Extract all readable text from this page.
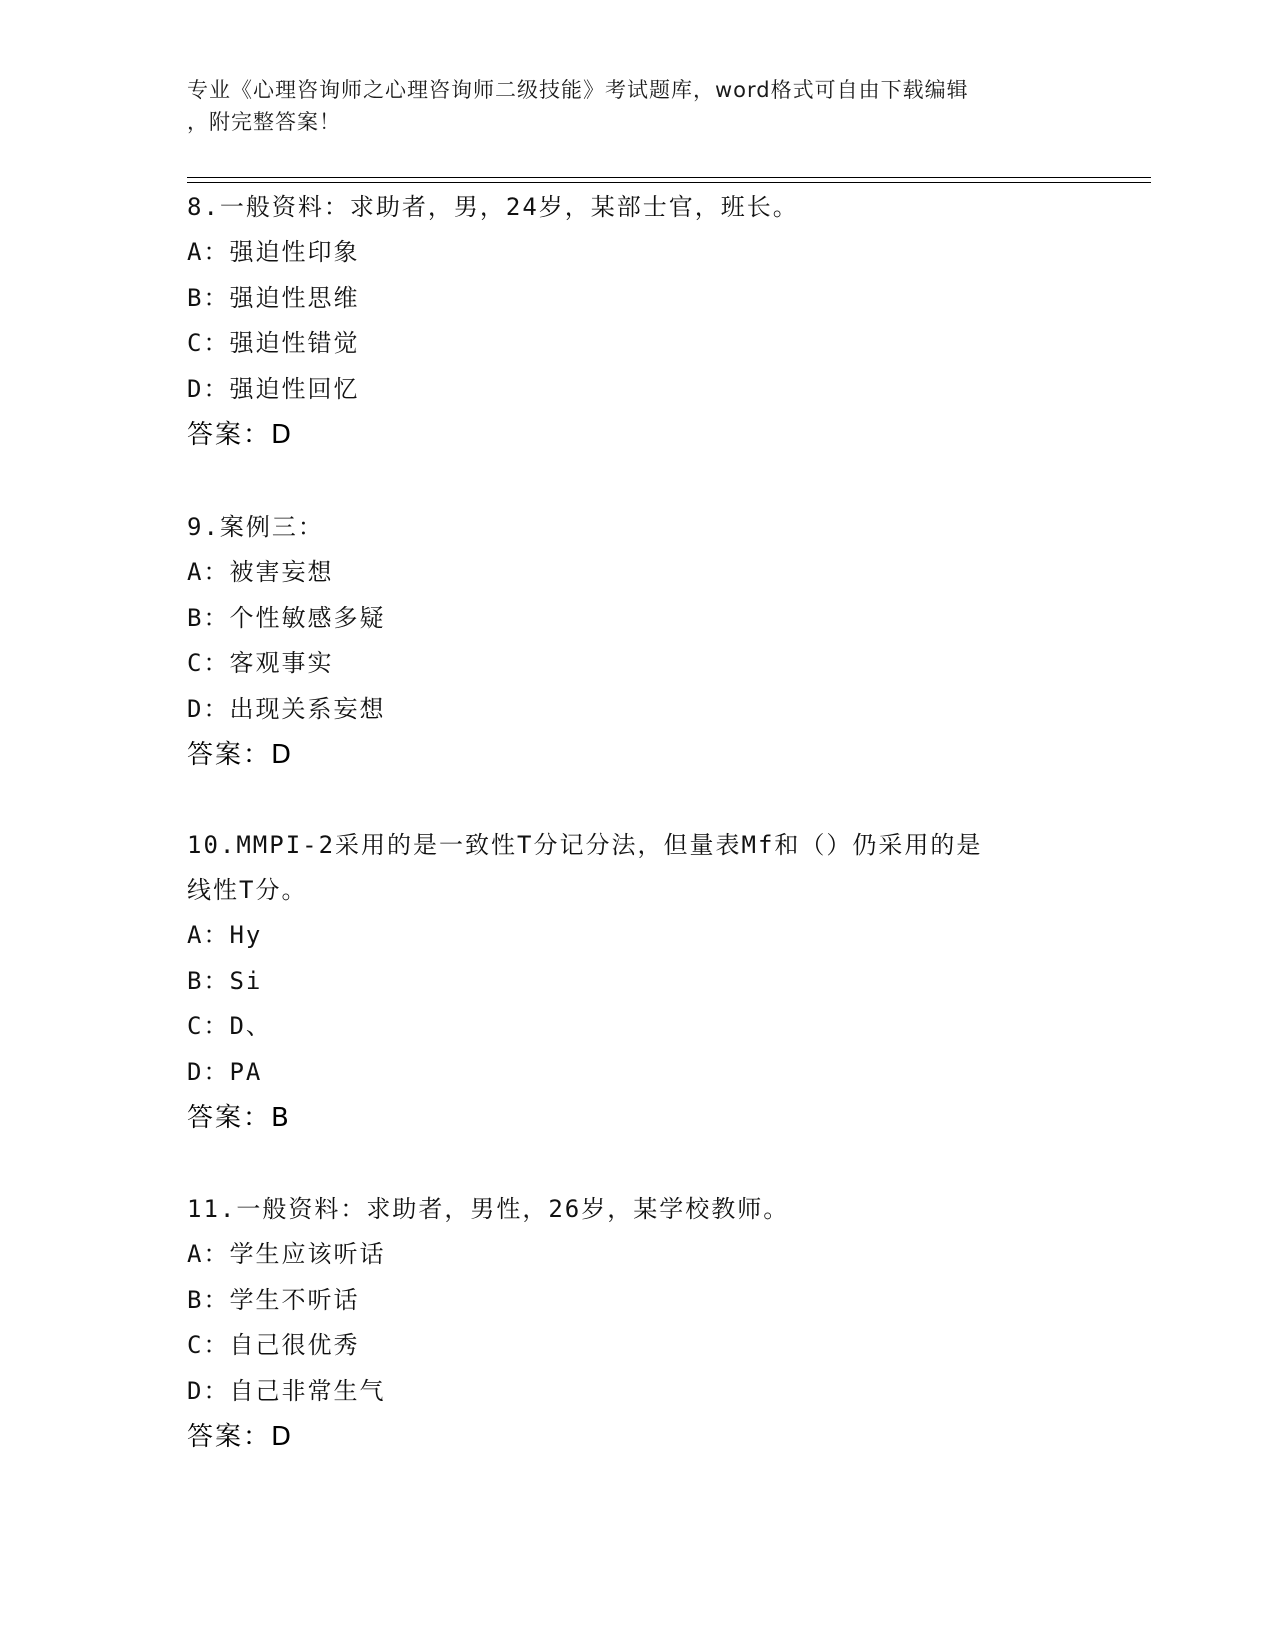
专业《心理咨询师之心理咨询师二级技能》考试题库，word格式可自由下载编辑
，附完整答案！
8.一般资料：求助者，男，24岁，某部士官，班长。
A：强迫性印象
B：强迫性思维
C：强迫性错觉
D：强迫性回忆
答案：D
9.案例三：
A：被害妄想
B：个性敏感多疑
C：客观事实
D：出现关系妄想
答案：D
10.MMPI-2采用的是一致性T分记分法，但量表Mf和（）仍采用的是
线性T分。
A：Hy
B：Si
C：D、
D：PA
答案：B
11.一般资料：求助者，男性，26岁，某学校教师。
A：学生应该听话
B：学生不听话
C：自己很优秀
D：自己非常生气
答案：D
